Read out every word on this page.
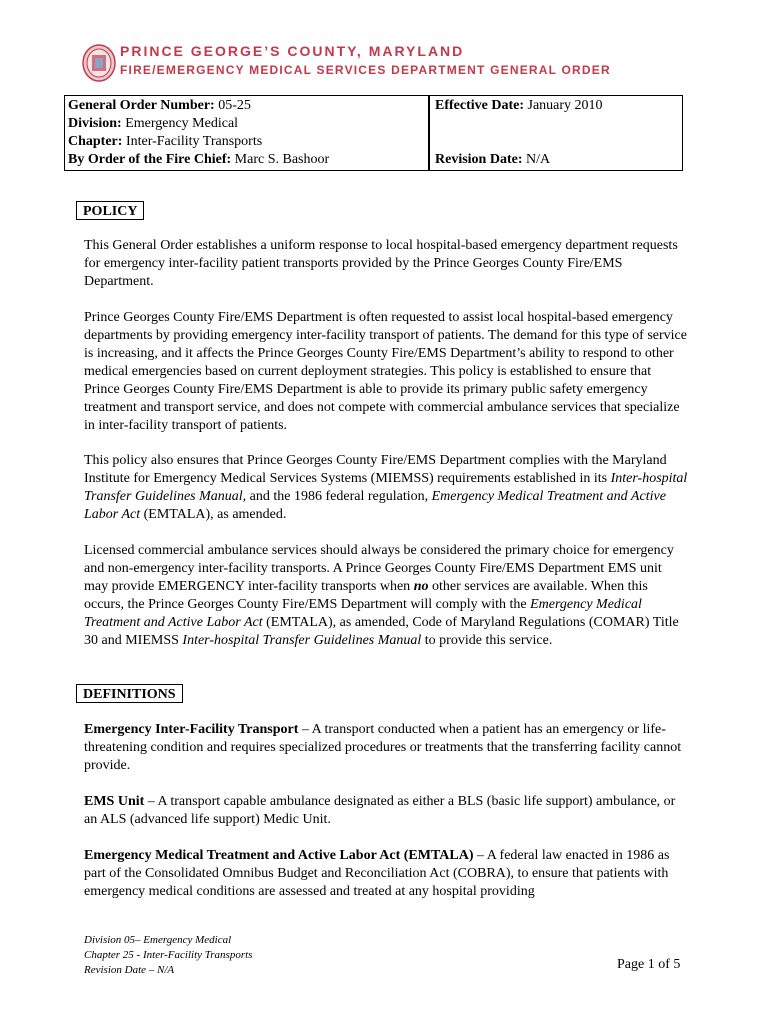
PRINCE GEORGE’S COUNTY, MARYLAND
FIRE/EMERGENCY MEDICAL SERVICES DEPARTMENT GENERAL ORDER
General Order Number: 05-25
Division: Emergency Medical
Chapter: Inter-Facility Transports
By Order of the Fire Chief: Marc S. Bashoor
Effective Date: January 2010
Revision Date: N/A
POLICY

This General Order establishes a uniform response to local hospital-based emergency department requests for emergency inter-facility patient transports provided by the Prince Georges County Fire/EMS Department.

Prince Georges County Fire/EMS Department is often requested to assist local hospital-based emergency departments by providing emergency inter-facility transport of patients. The demand for this type of service is increasing, and it affects the Prince Georges County Fire/EMS Department’s ability to respond to other medical emergencies based on current deployment strategies. This policy is established to ensure that Prince Georges County Fire/EMS Department is able to provide its primary public safety emergency treatment and transport service, and does not compete with commercial ambulance services that specialize in inter-facility transport of patients.

This policy also ensures that Prince Georges County Fire/EMS Department complies with the Maryland Institute for Emergency Medical Services Systems (MIEMSS) requirements established in its Inter-hospital Transfer Guidelines Manual, and the 1986 federal regulation, Emergency Medical Treatment and Active Labor Act (EMTALA), as amended.

Licensed commercial ambulance services should always be considered the primary choice for emergency and non-emergency inter-facility transports. A Prince Georges County Fire/EMS Department EMS unit may provide EMERGENCY inter-facility transports when no other services are available. When this occurs, the Prince Georges County Fire/EMS Department will comply with the Emergency Medical Treatment and Active Labor Act (EMTALA), as amended, Code of Maryland Regulations (COMAR) Title 30 and MIEMSS Inter-hospital Transfer Guidelines Manual to provide this service.

DEFINITIONS

Emergency Inter-Facility Transport – A transport conducted when a patient has an emergency or life-threatening condition and requires specialized procedures or treatments that the transferring facility cannot provide.

EMS Unit – A transport capable ambulance designated as either a BLS (basic life support) ambulance, or an ALS (advanced life support) Medic Unit.

Emergency Medical Treatment and Active Labor Act (EMTALA) – A federal law enacted in 1986 as part of the Consolidated Omnibus Budget and Reconciliation Act (COBRA), to ensure that patients with emergency medical conditions are assessed and treated at any hospital providing

Division 05– Emergency Medical
Chapter 25 - Inter-Facility Transports
Revision Date – N/A	Page 1 of 5
